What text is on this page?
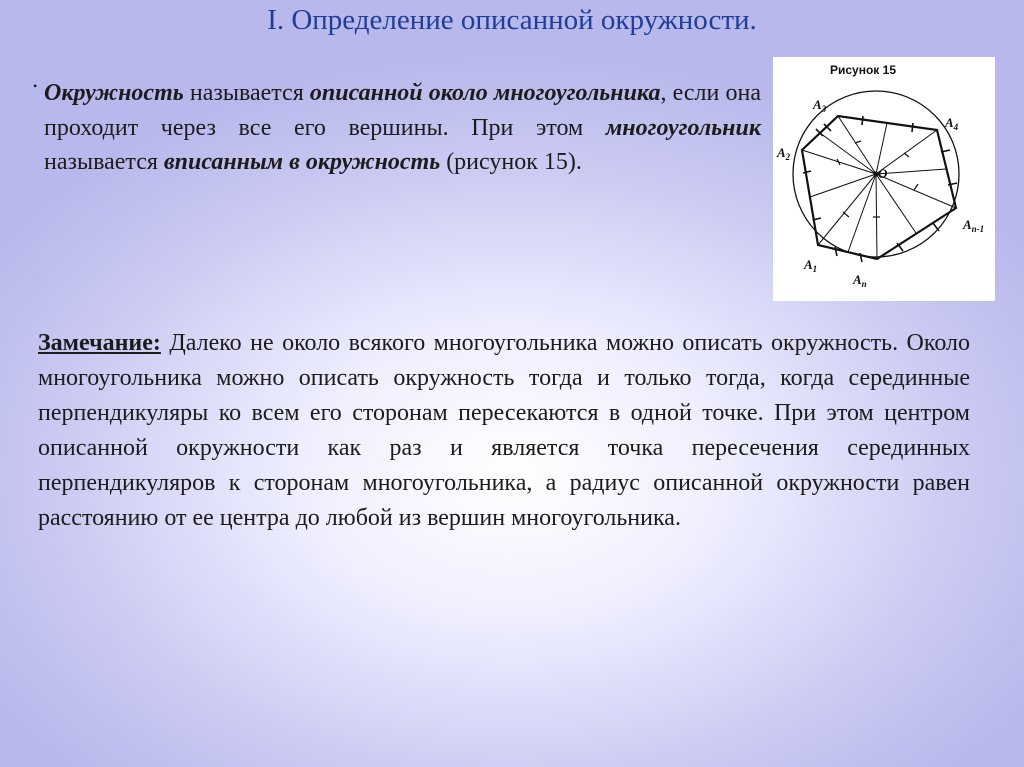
I. Определение описанной окружности.
• Окружность называется описанной около многоугольника, если она проходит через все его вершины. При этом многоугольник называется вписанным в окружность (рисунок 15).
Рисунок 15
O
$A_1$
$A_2$
$A_3$
$A_4$
$A_{n-1}$
$A_n$
Замечание: Далеко не около всякого многоугольника можно описать окружность. Около многоугольника можно описать окружность тогда и только тогда, когда серединные перпендикуляры ко всем его сторонам пересекаются в одной точке. При этом центром описанной окружности как раз и является точка пересечения серединных перпендикуляров к сторонам многоугольника, а радиус описанной окружности равен расстоянию от ее центра до любой из вершин многоугольника.
